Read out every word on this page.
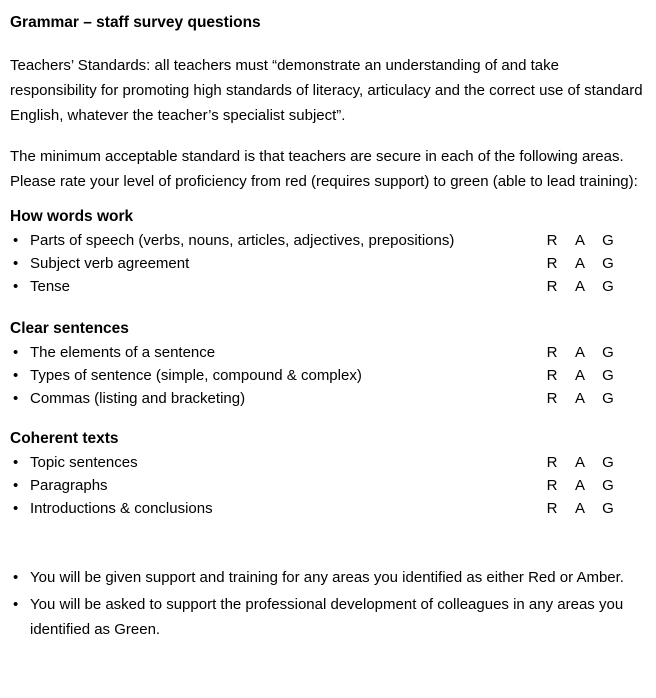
Grammar – staff survey questions

Teachers’ Standards: all teachers must “demonstrate an understanding of and take responsibility for promoting high standards of literacy, articulacy and the correct use of standard English, whatever the teacher’s specialist subject”.

The minimum acceptable standard is that teachers are secure in each of the following areas. Please rate your level of proficiency from red (requires support) to green (able to lead training):

How words work
•
Parts of speech (verbs, nouns, articles, adjectives, prepositions)	R	A	G
•
Subject verb agreement	R	A	G
•
Tense	R	A	G
Clear sentences
•
The elements of a sentence	R	A	G
•
Types of sentence (simple, compound & complex)	R	A	G
•
Commas (listing and bracketing)	R	A	G
Coherent texts
•
Topic sentences	R	A	G
•
Paragraphs	R	A	G
•
Introductions & conclusions	R	A	G
•
You will be given support and training for any areas you identified as either Red or Amber.
•
You will be asked to support the professional development of colleagues in any areas you identified as Green.
